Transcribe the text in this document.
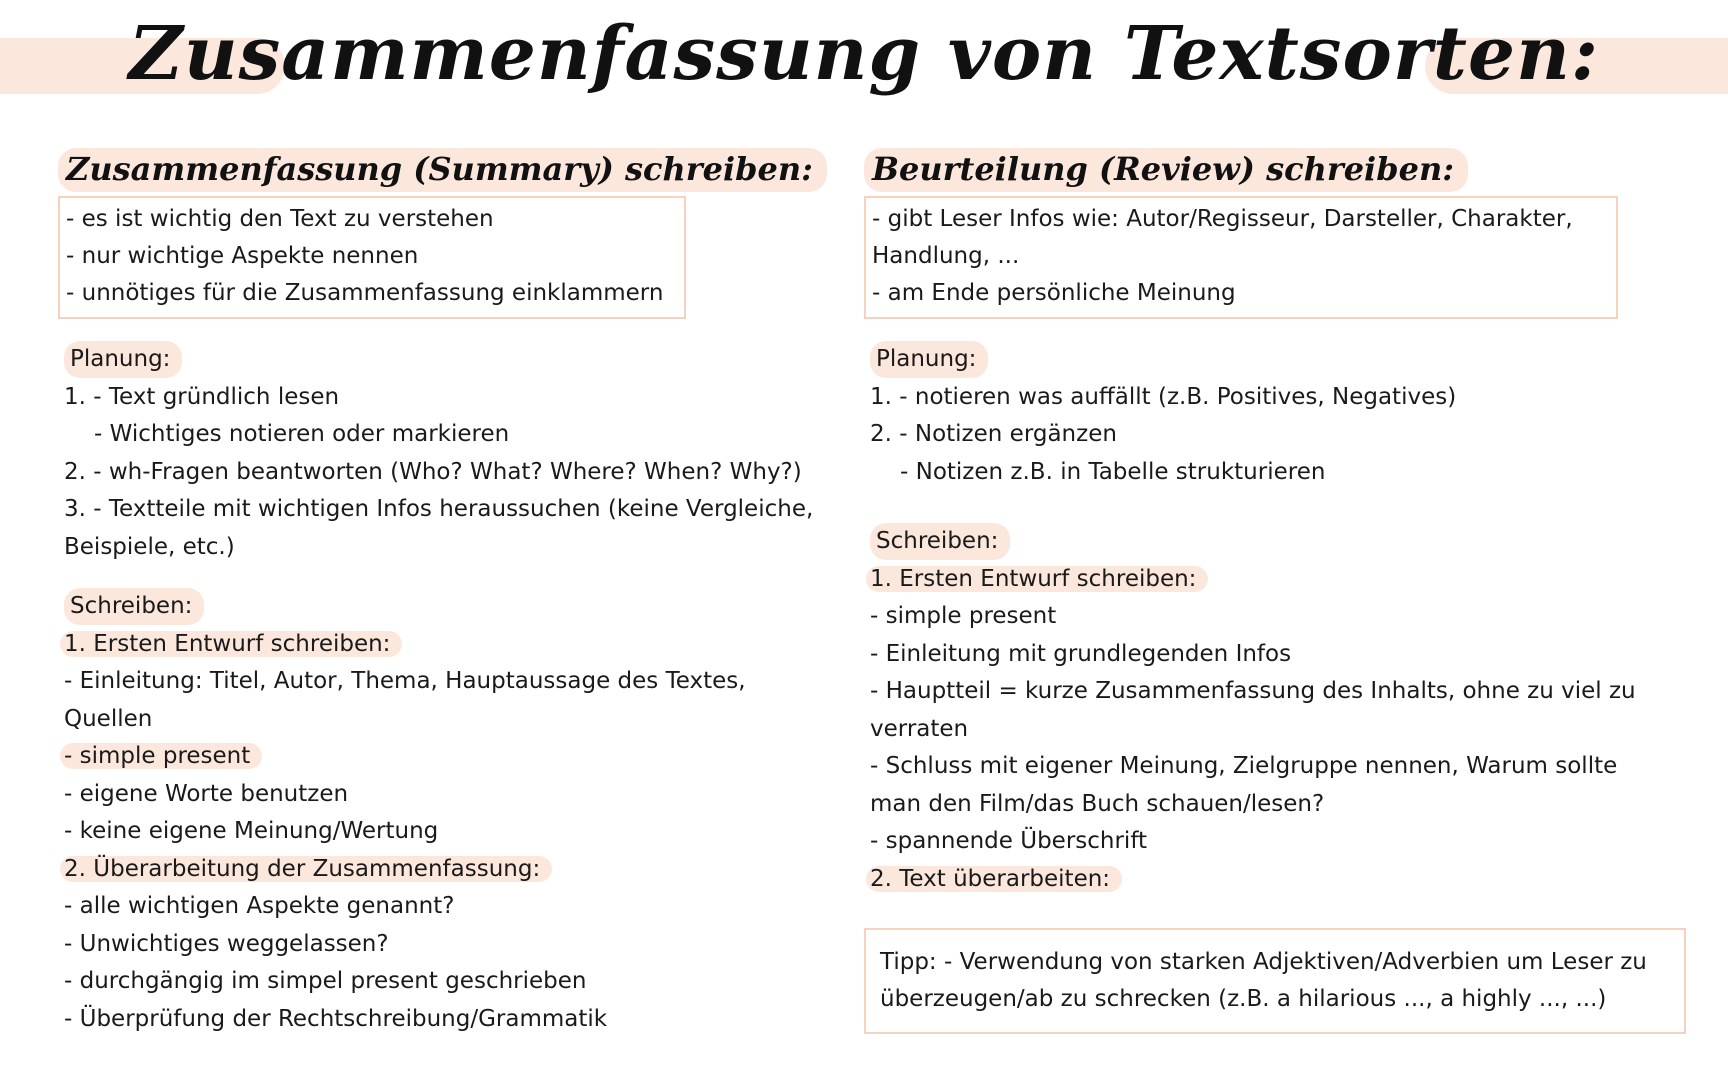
Zusammenfassung von Textsorten:
Zusammenfassung (Summary) schreiben:
- es ist wichtig den Text zu verstehen
- nur wichtige Aspekte nennen
- unnötiges für die Zusammenfassung einklammern

Planung:

1. - Text gründlich lesen

- Wichtiges notieren oder markieren

2. - wh-Fragen beantworten (Who? What? Where? When? Why?)

3. - Textteile mit wichtigen Infos heraussuchen (keine Vergleiche,

Beispiele, etc.)

Schreiben:

1. Ersten Entwurf schreiben:

- Einleitung: Titel, Autor, Thema, Hauptaussage des Textes,

Quellen

- simple present

- eigene Worte benutzen

- keine eigene Meinung/Wertung

2. Überarbeitung der Zusammenfassung:

- alle wichtigen Aspekte genannt?

- Unwichtiges weggelassen?

- durchgängig im simpel present geschrieben

- Überprüfung der Rechtschreibung/Grammatik

Beurteilung (Review) schreiben:
- gibt Leser Infos wie: Autor/Regisseur, Darsteller, Charakter,
Handlung, ...
- am Ende persönliche Meinung

Planung:

1. - notieren was auffällt (z.B. Positives, Negatives)

2. - Notizen ergänzen

- Notizen z.B. in Tabelle strukturieren

Schreiben:

1. Ersten Entwurf schreiben:

- simple present

- Einleitung mit grundlegenden Infos

- Hauptteil = kurze Zusammenfassung des Inhalts, ohne zu viel zu

verraten

- Schluss mit eigener Meinung, Zielgruppe nennen, Warum sollte

man den Film/das Buch schauen/lesen?

- spannende Überschrift

2. Text überarbeiten:

Tipp: - Verwendung von starken Adjektiven/Adverbien um Leser zu
überzeugen/ab zu schrecken (z.B. a hilarious ..., a highly ..., ...)
